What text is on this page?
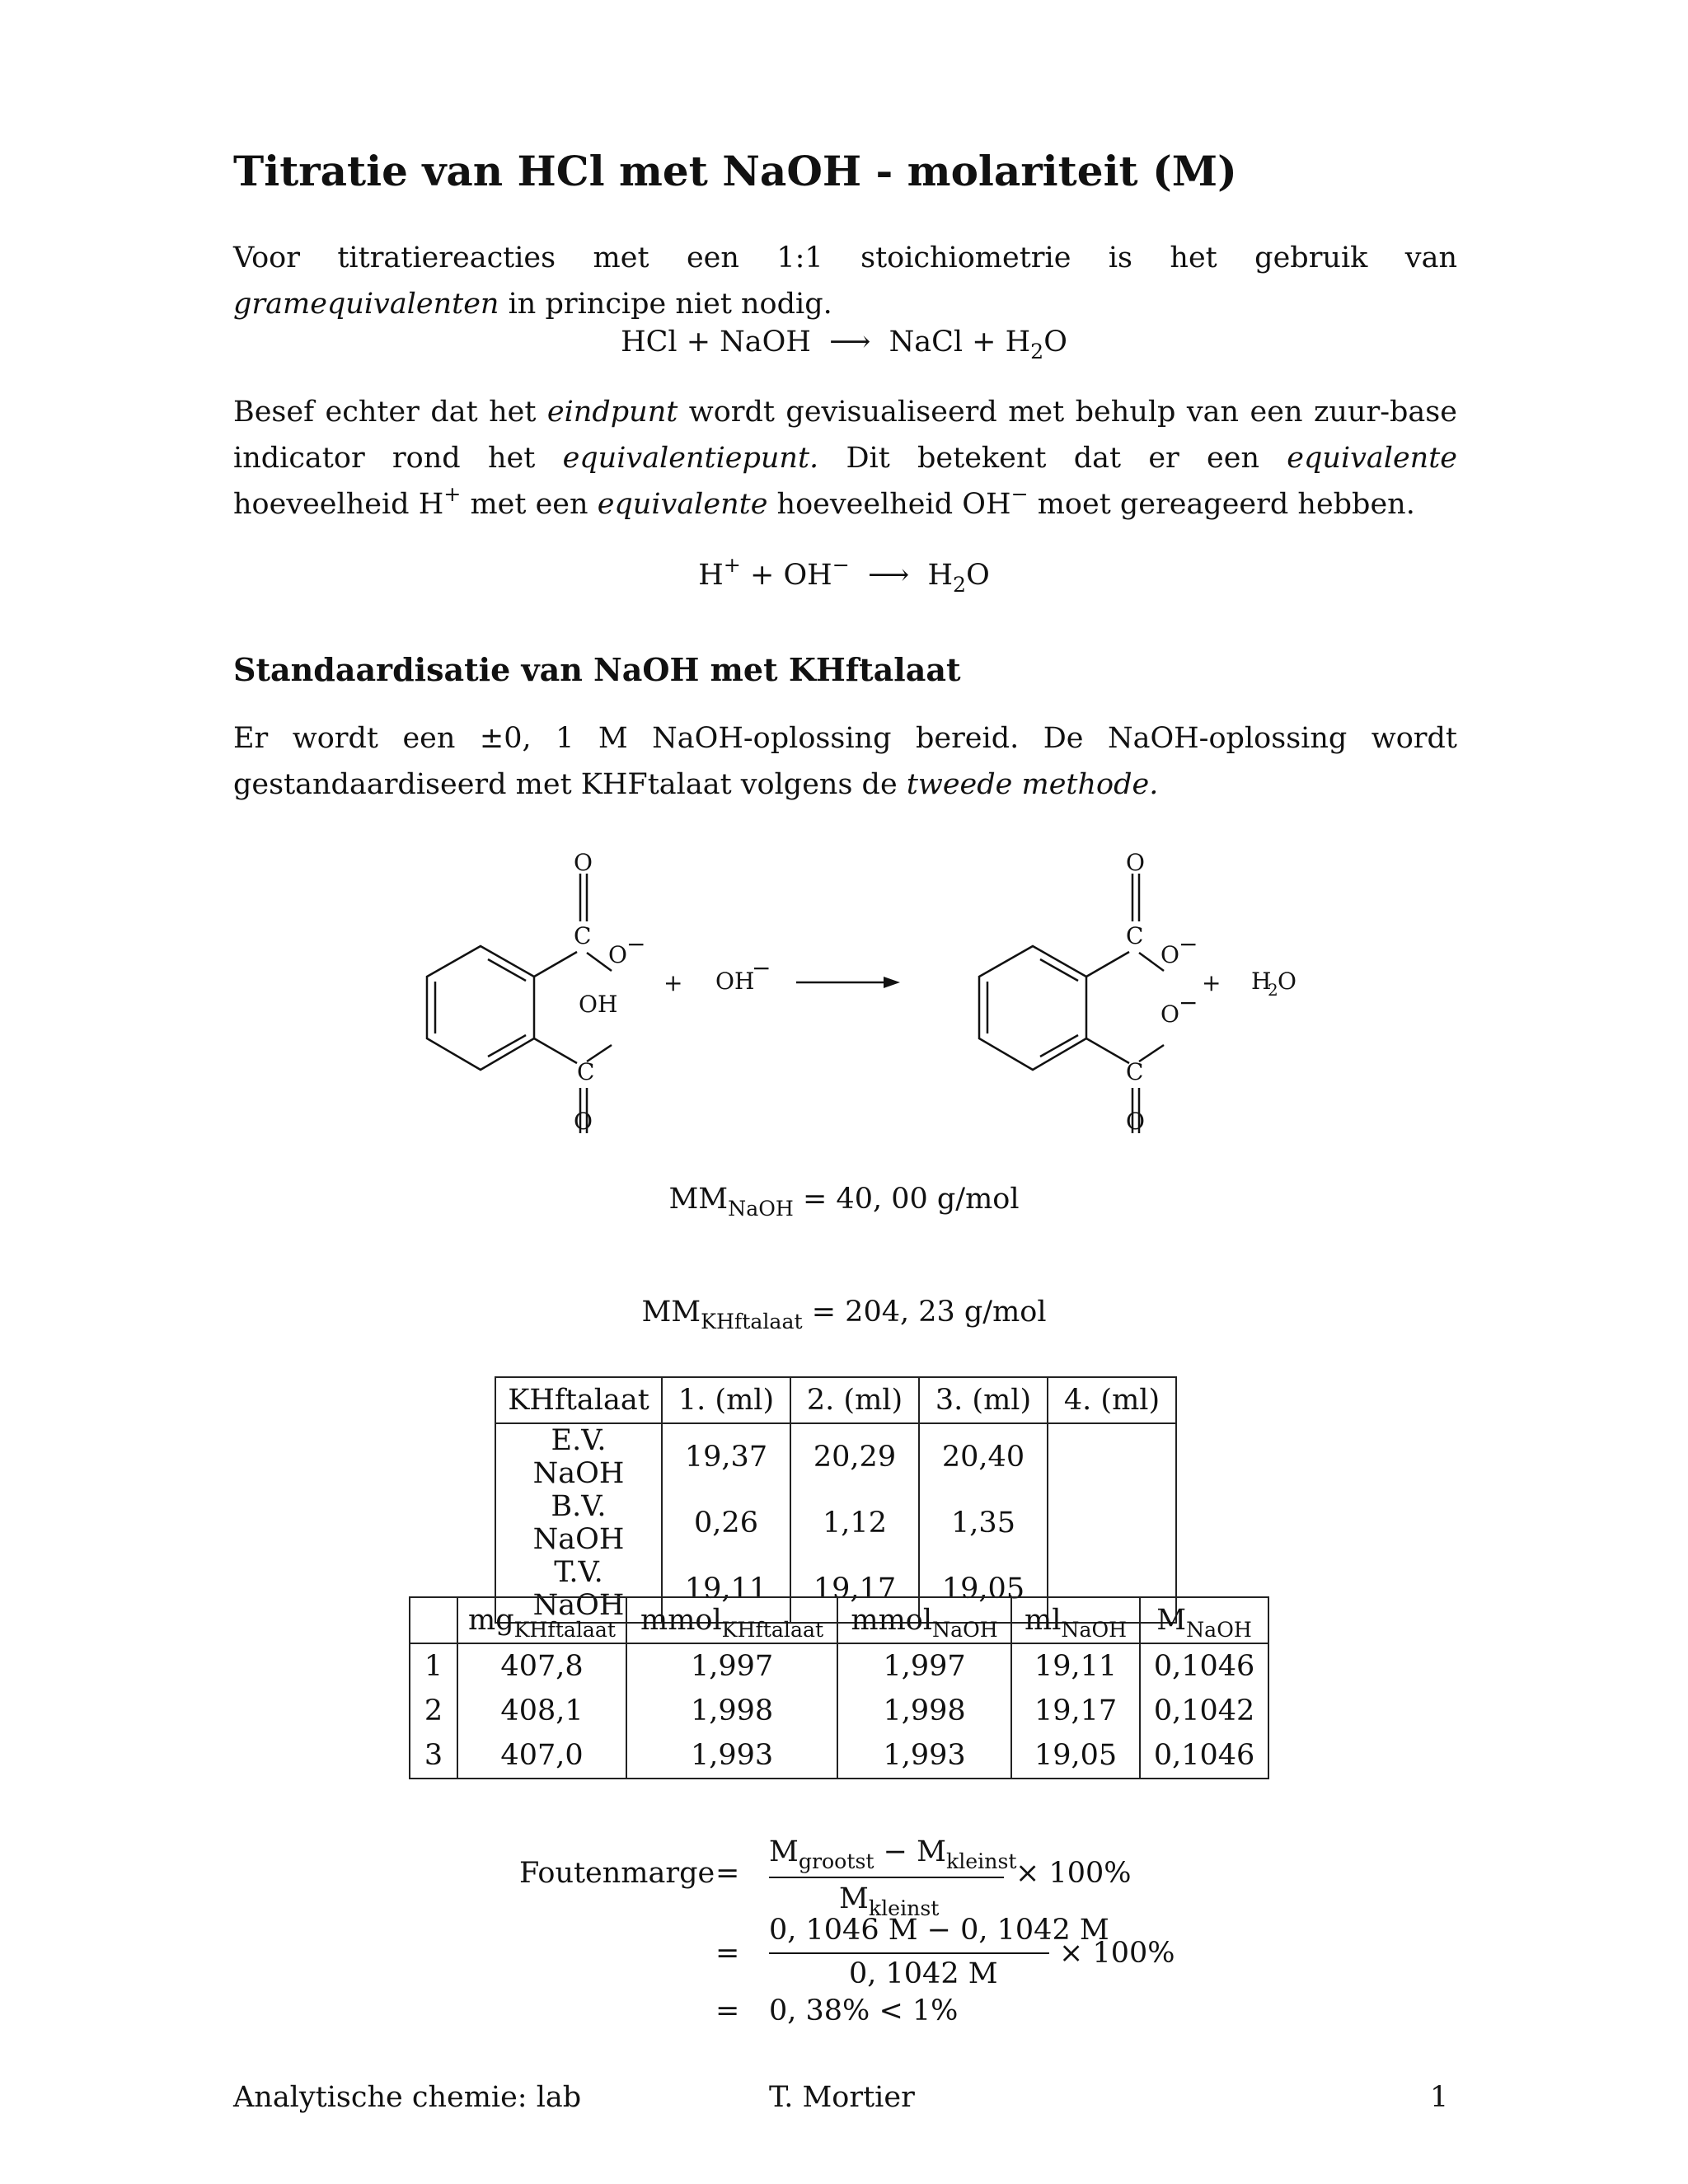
Titratie van HCl met NaOH - molariteit (M)
Voor titratiereacties met een 1:1 stoichiometrie is het gebruik van gramequivalenten in principe niet nodig.
HCl + NaOH ⟶ NaCl + $H_2O$
Besef echter dat het eindpunt wordt gevisualiseerd met behulp van een zuur-base indicator rond het equivalentiepunt. Dit betekent dat er een equivalente hoeveelheid H+ met een equivalente hoeveelheid OH− moet gereageerd hebben.
H+ + OH− ⟶ $H_2O$
Standaardisatie van NaOH met KHftalaat
Er wordt een ±0, 1 M NaOH-oplossing bereid. De NaOH-oplossing wordt gestandaardiseerd met KHFtalaat volgens de tweede methode.
O
C
O −
C
O
OH
+ OH
−
O
C
O −
O −
C
O
+ H
2 O
$MM_{NaOH} = 40$, 00 g/mol
$MM_{KHftalaat} = 204$, 23 g/mol
KHftalaat	1. (ml)	2. (ml)	3. (ml)	4. (ml)
E.V. NaOH	19,37	20,29	20,40	
B.V. NaOH	0,26	1,12	1,35	
T.V. NaOH	19,11	19,17	19,05	
	$mg_{KHftalaat}$	mmol$_{KHftalaat}$	mmol$_{NaOH}$	$ml_{NaOH}$	$M_{NaOH}$
1	407,8	1,997	1,997	19,11	0,1046
2	408,1	1,998	1,998	19,17	0,1042
3	407,0	1,993	1,993	19,05	0,1046
Foutenmarge =
$M_{grootst} - M_{kleinst}$
$M_{kleinst}$
× 100%
=
0, 1046 M − 0, 1042 M
0, 1042 M
× 100%
= 0, 38% < 1%
Analytische chemie: lab	T. Mortier	1
